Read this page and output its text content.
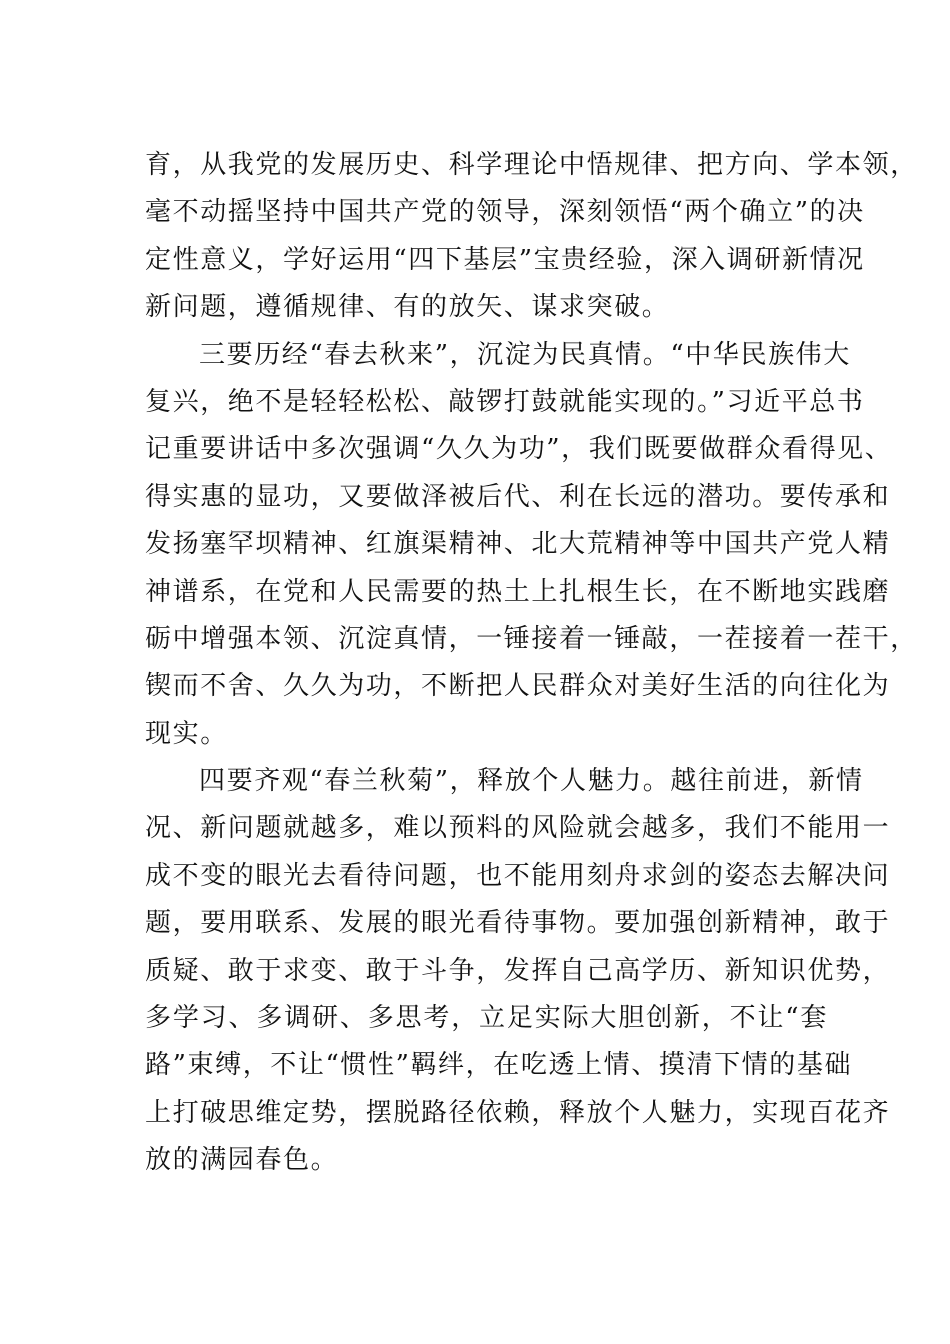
育，从我党的发展历史、科学理论中悟规律、把方向、学本领，
毫不动摇坚持中国共产党的领导，深刻领悟“两个确立”的决
定性意义，学好运用“四下基层”宝贵经验，深入调研新情况
新问题，遵循规律、有的放矢、谋求突破。
三要历经“春去秋来”，沉淀为民真情。“中华民族伟大
复兴，绝不是轻轻松松、敲锣打鼓就能实现的。”习近平总书
记重要讲话中多次强调“久久为功”，我们既要做群众看得见、
得实惠的显功，又要做泽被后代、利在长远的潜功。要传承和
发扬塞罕坝精神、红旗渠精神、北大荒精神等中国共产党人精
神谱系，在党和人民需要的热土上扎根生长，在不断地实践磨
砺中增强本领、沉淀真情，一锤接着一锤敲，一茬接着一茬干，
锲而不舍、久久为功，不断把人民群众对美好生活的向往化为
现实。
四要齐观“春兰秋菊”，释放个人魅力。越往前进，新情
况、新问题就越多，难以预料的风险就会越多，我们不能用一
成不变的眼光去看待问题，也不能用刻舟求剑的姿态去解决问
题，要用联系、发展的眼光看待事物。要加强创新精神，敢于
质疑、敢于求变、敢于斗争，发挥自己高学历、新知识优势，
多学习、多调研、多思考，立足实际大胆创新，不让“套
路”束缚，不让“惯性”羁绊，在吃透上情、摸清下情的基础
上打破思维定势，摆脱路径依赖，释放个人魅力，实现百花齐
放的满园春色。
